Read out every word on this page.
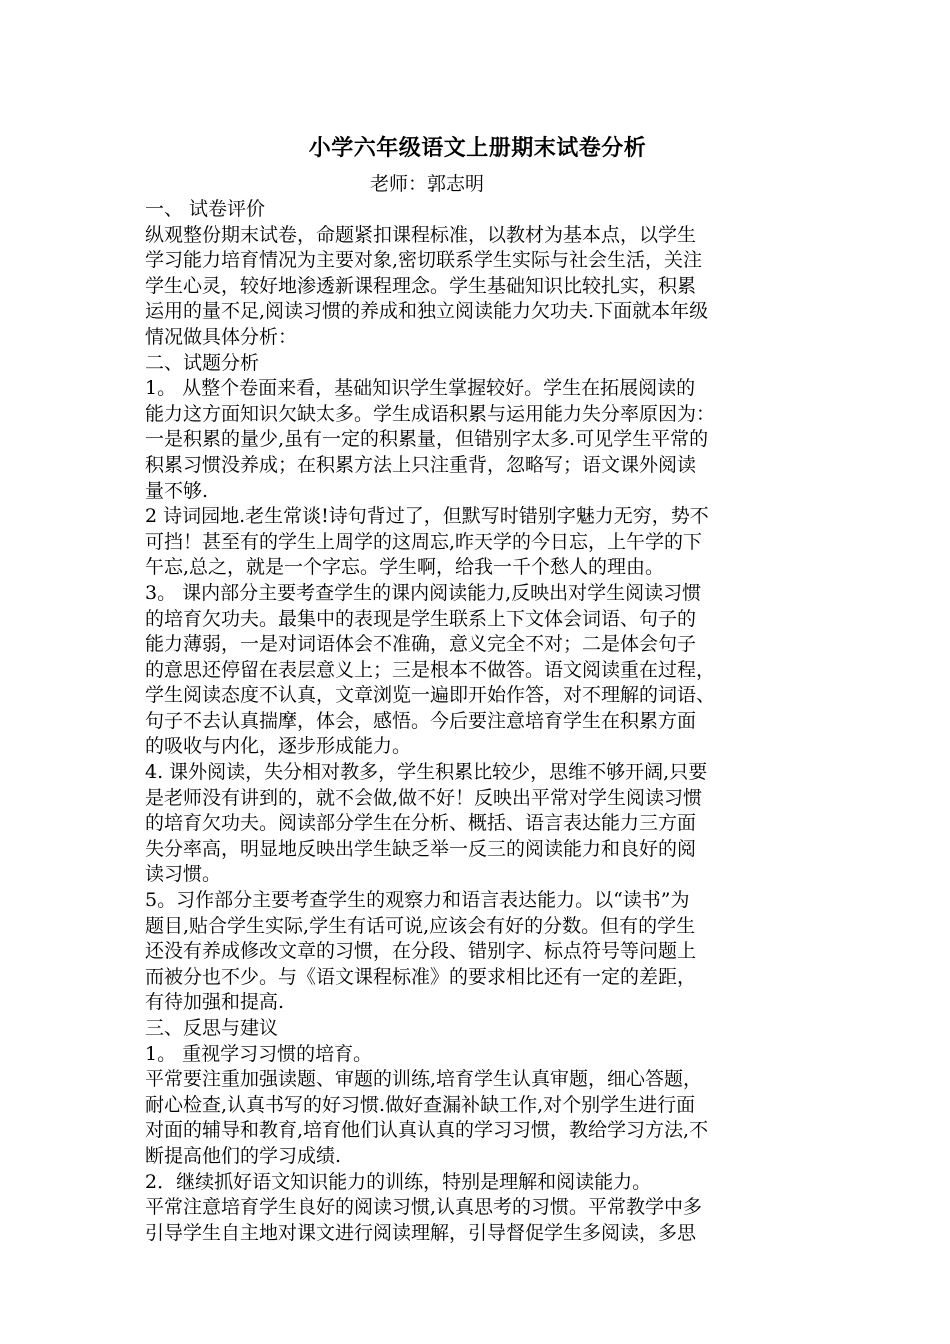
小学六年级语文上册期末试卷分析
老师：郭志明
一、 试卷评价
纵观整份期末试卷，命题紧扣课程标准，以教材为基本点，以学生
学习能力培育情况为主要对象,密切联系学生实际与社会生活，关注
学生心灵，较好地渗透新课程理念。学生基础知识比较扎实，积累
运用的量不足,阅读习惯的养成和独立阅读能力欠功夫.下面就本年级
情况做具体分析：
二、试题分析
1。 从整个卷面来看，基础知识学生掌握较好。学生在拓展阅读的
能力这方面知识欠缺太多。学生成语积累与运用能力失分率原因为：
一是积累的量少,虽有一定的积累量，但错别字太多.可见学生平常的
积累习惯没养成；在积累方法上只注重背，忽略写；语文课外阅读
量不够.
2 诗词园地.老生常谈!诗句背过了，但默写时错别字魅力无穷，势不
可挡！甚至有的学生上周学的这周忘,昨天学的今日忘，上午学的下
午忘,总之，就是一个字忘。学生啊，给我一千个愁人的理由。
3。 课内部分主要考查学生的课内阅读能力,反映出对学生阅读习惯
的培育欠功夫。最集中的表现是学生联系上下文体会词语、句子的
能力薄弱，一是对词语体会不准确，意义完全不对；二是体会句子
的意思还停留在表层意义上；三是根本不做答。语文阅读重在过程，
学生阅读态度不认真，文章浏览一遍即开始作答，对不理解的词语、
句子不去认真揣摩，体会，感悟。今后要注意培育学生在积累方面
的吸收与内化，逐步形成能力。
4. 课外阅读，失分相对教多，学生积累比较少，思维不够开阔,只要
是老师没有讲到的，就不会做,做不好！反映出平常对学生阅读习惯
的培育欠功夫。阅读部分学生在分析、概括、语言表达能力三方面
失分率高，明显地反映出学生缺乏举一反三的阅读能力和良好的阅
读习惯。
5。习作部分主要考查学生的观察力和语言表达能力。以“读书”为
题目,贴合学生实际,学生有话可说,应该会有好的分数。但有的学生
还没有养成修改文章的习惯，在分段、错别字、标点符号等问题上
而被分也不少。与《语文课程标准》的要求相比还有一定的差距，
有待加强和提高.
三、反思与建议
1。 重视学习习惯的培育。
平常要注重加强读题、审题的训练,培育学生认真审题，细心答题，
耐心检查,认真书写的好习惯.做好查漏补缺工作,对个别学生进行面
对面的辅导和教育,培育他们认真认真的学习习惯，教给学习方法,不
断提高他们的学习成绩.
2．继续抓好语文知识能力的训练，特别是理解和阅读能力。
平常注意培育学生良好的阅读习惯,认真思考的习惯。平常教学中多
引导学生自主地对课文进行阅读理解，引导督促学生多阅读，多思
